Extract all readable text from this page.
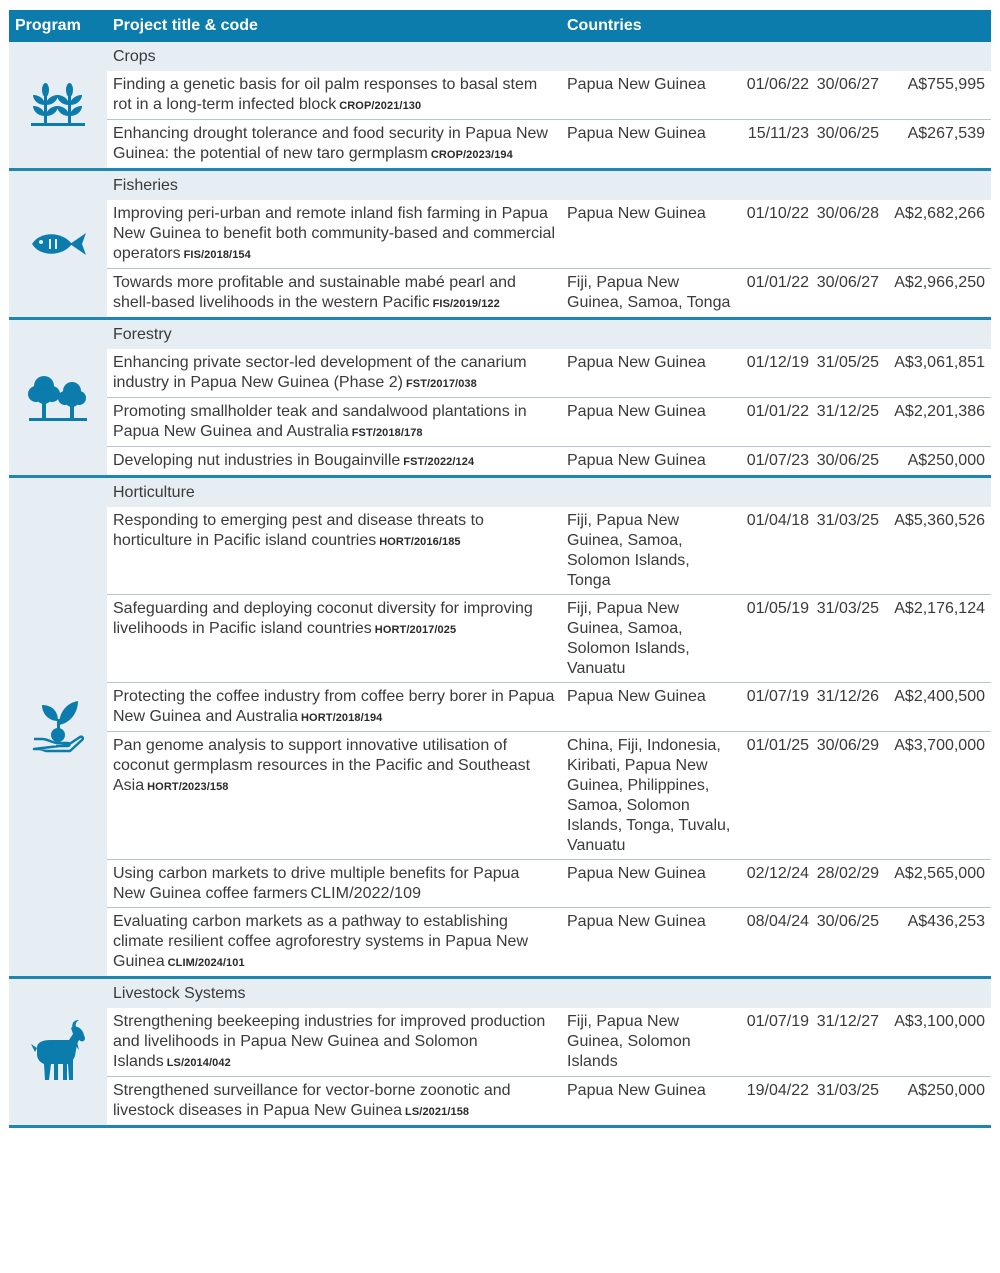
Program	Project title & code	Countries			

	Crops				
	Finding a genetic basis for oil palm responses to basal stem rot in a long-term infected block CROP/2021/130	Papua New Guinea	01/06/22	30/06/27	A$755,995
	Enhancing drought tolerance and food security in Papua New Guinea: the potential of new taro germplasm CROP/2023/194	Papua New Guinea	15/11/23	30/06/25	A$267,539

	Fisheries				
	Improving peri-urban and remote inland fish farming in Papua New Guinea to benefit both community-based and commercial operators FIS/2018/154	Papua New Guinea	01/10/22	30/06/28	A$2,682,266
	Towards more profitable and sustainable mabé pearl and shell-based livelihoods in the western Pacific FIS/2019/122	Fiji, Papua New Guinea, Samoa, Tonga	01/01/22	30/06/27	A$2,966,250

	Forestry				
	Enhancing private sector-led development of the canarium industry in Papua New Guinea (Phase 2) FST/2017/038	Papua New Guinea	01/12/19	31/05/25	A$3,061,851
	Promoting smallholder teak and sandalwood plantations in Papua New Guinea and Australia FST/2018/178	Papua New Guinea	01/01/22	31/12/25	A$2,201,386
	Developing nut industries in Bougainville FST/2022/124	Papua New Guinea	01/07/23	30/06/25	A$250,000

	Horticulture				
	Responding to emerging pest and disease threats to horticulture in Pacific island countries HORT/2016/185	Fiji, Papua New Guinea, Samoa, Solomon Islands, Tonga	01/04/18	31/03/25	A$5,360,526
	Safeguarding and deploying coconut diversity for improving livelihoods in Pacific island countries HORT/2017/025	Fiji, Papua New Guinea, Samoa, Solomon Islands, Vanuatu	01/05/19	31/03/25	A$2,176,124
	Protecting the coffee industry from coffee berry borer in Papua New Guinea and Australia HORT/2018/194	Papua New Guinea	01/07/19	31/12/26	A$2,400,500
	Pan genome analysis to support innovative utilisation of coconut germplasm resources in the Pacific and Southeast Asia HORT/2023/158	China, Fiji, Indonesia, Kiribati, Papua New Guinea, Philippines, Samoa, Solomon Islands, Tonga, Tuvalu, Vanuatu	01/01/25	30/06/29	A$3,700,000
	Using carbon markets to drive multiple benefits for Papua New Guinea coffee farmers CLIM/2022/109	Papua New Guinea	02/12/24	28/02/29	A$2,565,000
	Evaluating carbon markets as a pathway to establishing climate resilient coffee agroforestry systems in Papua New Guinea CLIM/2024/101	Papua New Guinea	08/04/24	30/06/25	A$436,253

	Livestock Systems				
	Strengthening beekeeping industries for improved production and livelihoods in Papua New Guinea and Solomon Islands LS/2014/042	Fiji, Papua New Guinea, Solomon Islands	01/07/19	31/12/27	A$3,100,000
	Strengthened surveillance for vector-borne zoonotic and livestock diseases in Papua New Guinea LS/2021/158	Papua New Guinea	19/04/22	31/03/25	A$250,000
